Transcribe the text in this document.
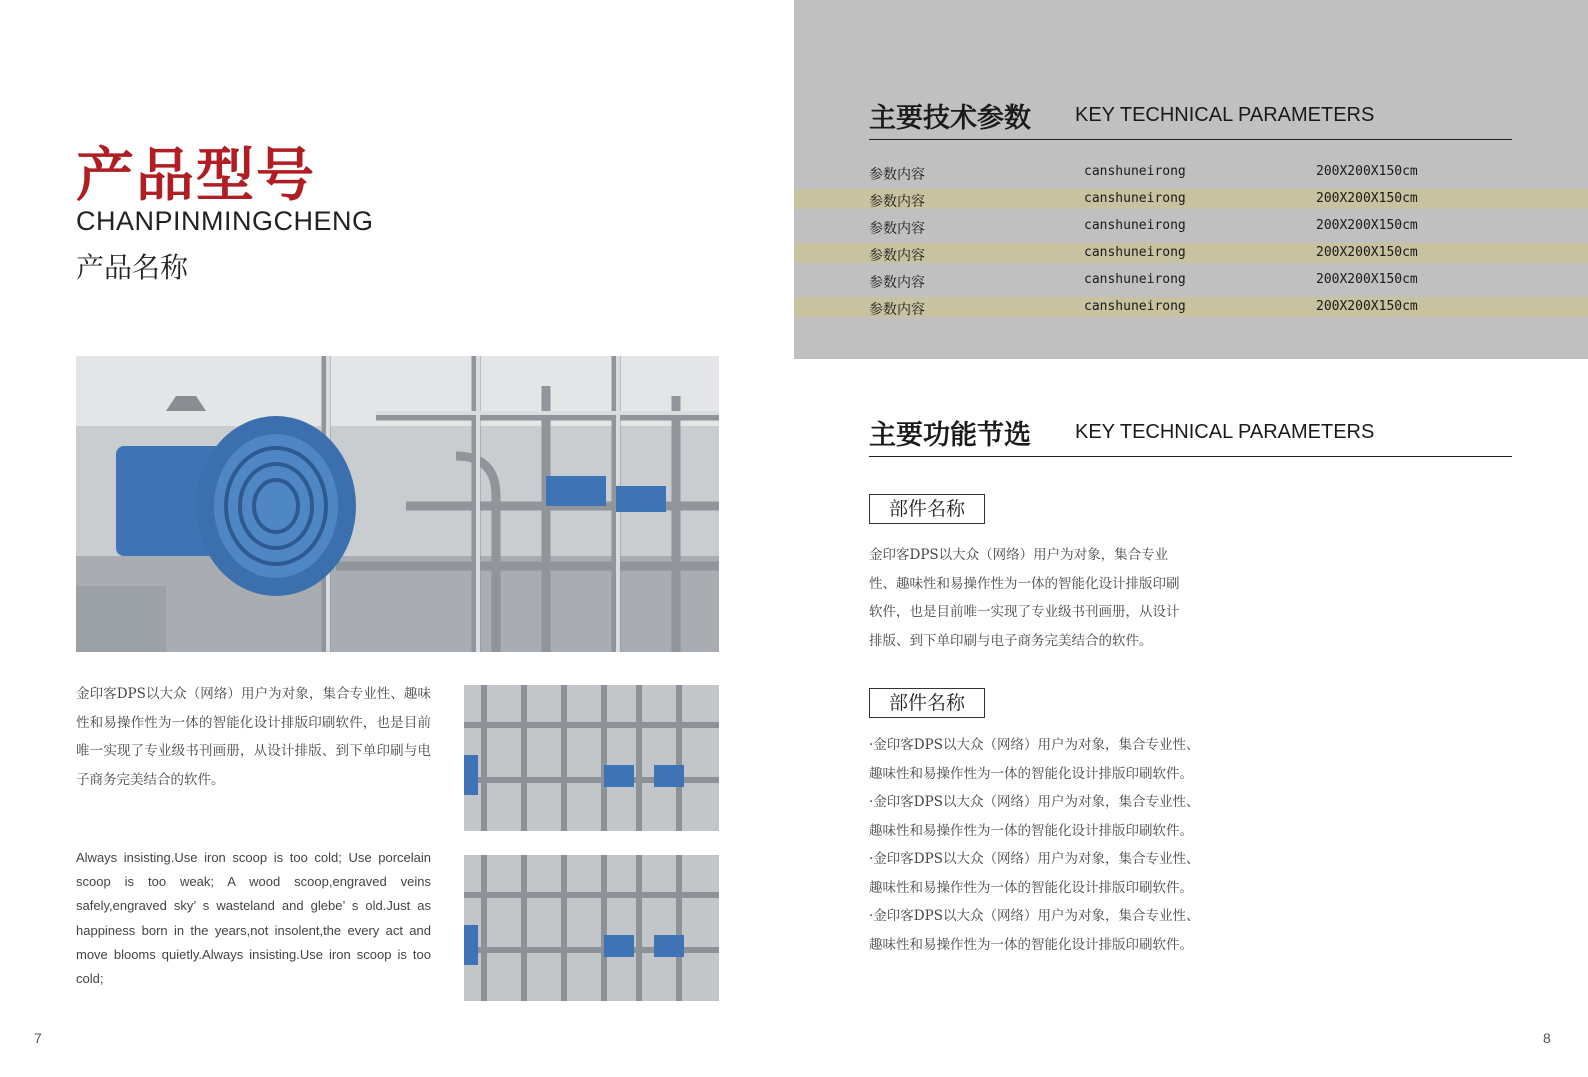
产品型号
CHANPINMINGCHENG
产品名称
金印客DPS以大众（网络）用户为对象，集合专业性、趣味性和易操作性为一体的智能化设计排版印刷软件，也是目前唯一实现了专业级书刊画册，从设计排版、到下单印刷与电子商务完美结合的软件。
Always insisting.Use iron scoop is too cold; Use porcelain scoop is too weak; A wood scoop,engraved veins safely,engraved sky’ s wasteland and glebe’ s old.Just as happiness born in the years,not insolent,the every act and move blooms quietly.Always insisting.Use iron scoop is too cold;
7
主要技术参数 KEY TECHNICAL PARAMETERS
参数内容	canshuneirong	200X200X150cm
参数内容	canshuneirong	200X200X150cm
参数内容	canshuneirong	200X200X150cm
参数内容	canshuneirong	200X200X150cm
参数内容	canshuneirong	200X200X150cm
参数内容	canshuneirong	200X200X150cm
主要功能节选 KEY TECHNICAL PARAMETERS
部件名称

金印客DPS以大众（网络）用户为对象，集合专业

性、趣味性和易操作性为一体的智能化设计排版印刷

软件，也是目前唯一实现了专业级书刊画册，从设计

排版、到下单印刷与电子商务完美结合的软件。

部件名称

·金印客DPS以大众（网络）用户为对象，集合专业性、

趣味性和易操作性为一体的智能化设计排版印刷软件。

·金印客DPS以大众（网络）用户为对象，集合专业性、

趣味性和易操作性为一体的智能化设计排版印刷软件。

·金印客DPS以大众（网络）用户为对象，集合专业性、

趣味性和易操作性为一体的智能化设计排版印刷软件。

·金印客DPS以大众（网络）用户为对象，集合专业性、

趣味性和易操作性为一体的智能化设计排版印刷软件。

8
